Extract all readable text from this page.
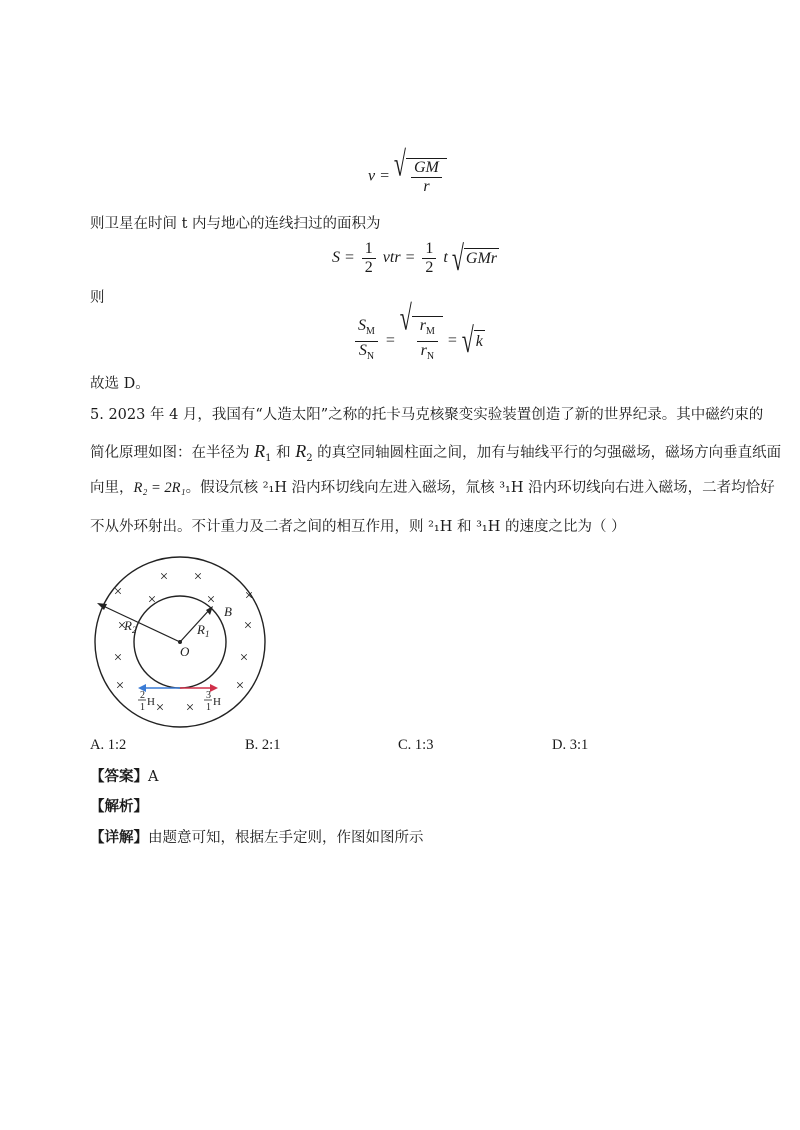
v = √ $\frac{GM}{r}$
则卫星在时间 t 内与地心的连线扫过的面积为
$S = \frac{1}{2}$ vtr = $\frac{1}{2}$ t √ GMr
则
$\frac{S_M}{S_N}$ =
√ $\frac{r_M}{r_N}$ = √ k
故选 D。
5. 2023 年 4 月，我国有“人造太阳”之称的托卡马克核聚变实验装置创造了新的世界纪录。其中磁约束的
简化原理如图：在半径为 $R_1$ 和 $R_2$ 的真空同轴圆柱面之间，加有与轴线平行的匀强磁场，磁场方向垂直纸面
向里，R₂ = 2R₁。假设氘核 ²₁H 沿内环切线向左进入磁场，氚核 ³₁H 沿内环切线向右进入磁场，二者均恰好
不从外环射出。不计重力及二者之间的相互作用，则 ²₁H 和 ³₁H 的速度之比为（ ）
× ×
× ×	× ×
×	×
×	×
×	×
× ×
$R_2$	$R_1$
O
B
2
1 H
3
1 H
A. 1:2	B. 2:1	C. 1:3	D. 3:1
【答案】A
【解析】
【详解】由题意可知，根据左手定则，作图如图所示
